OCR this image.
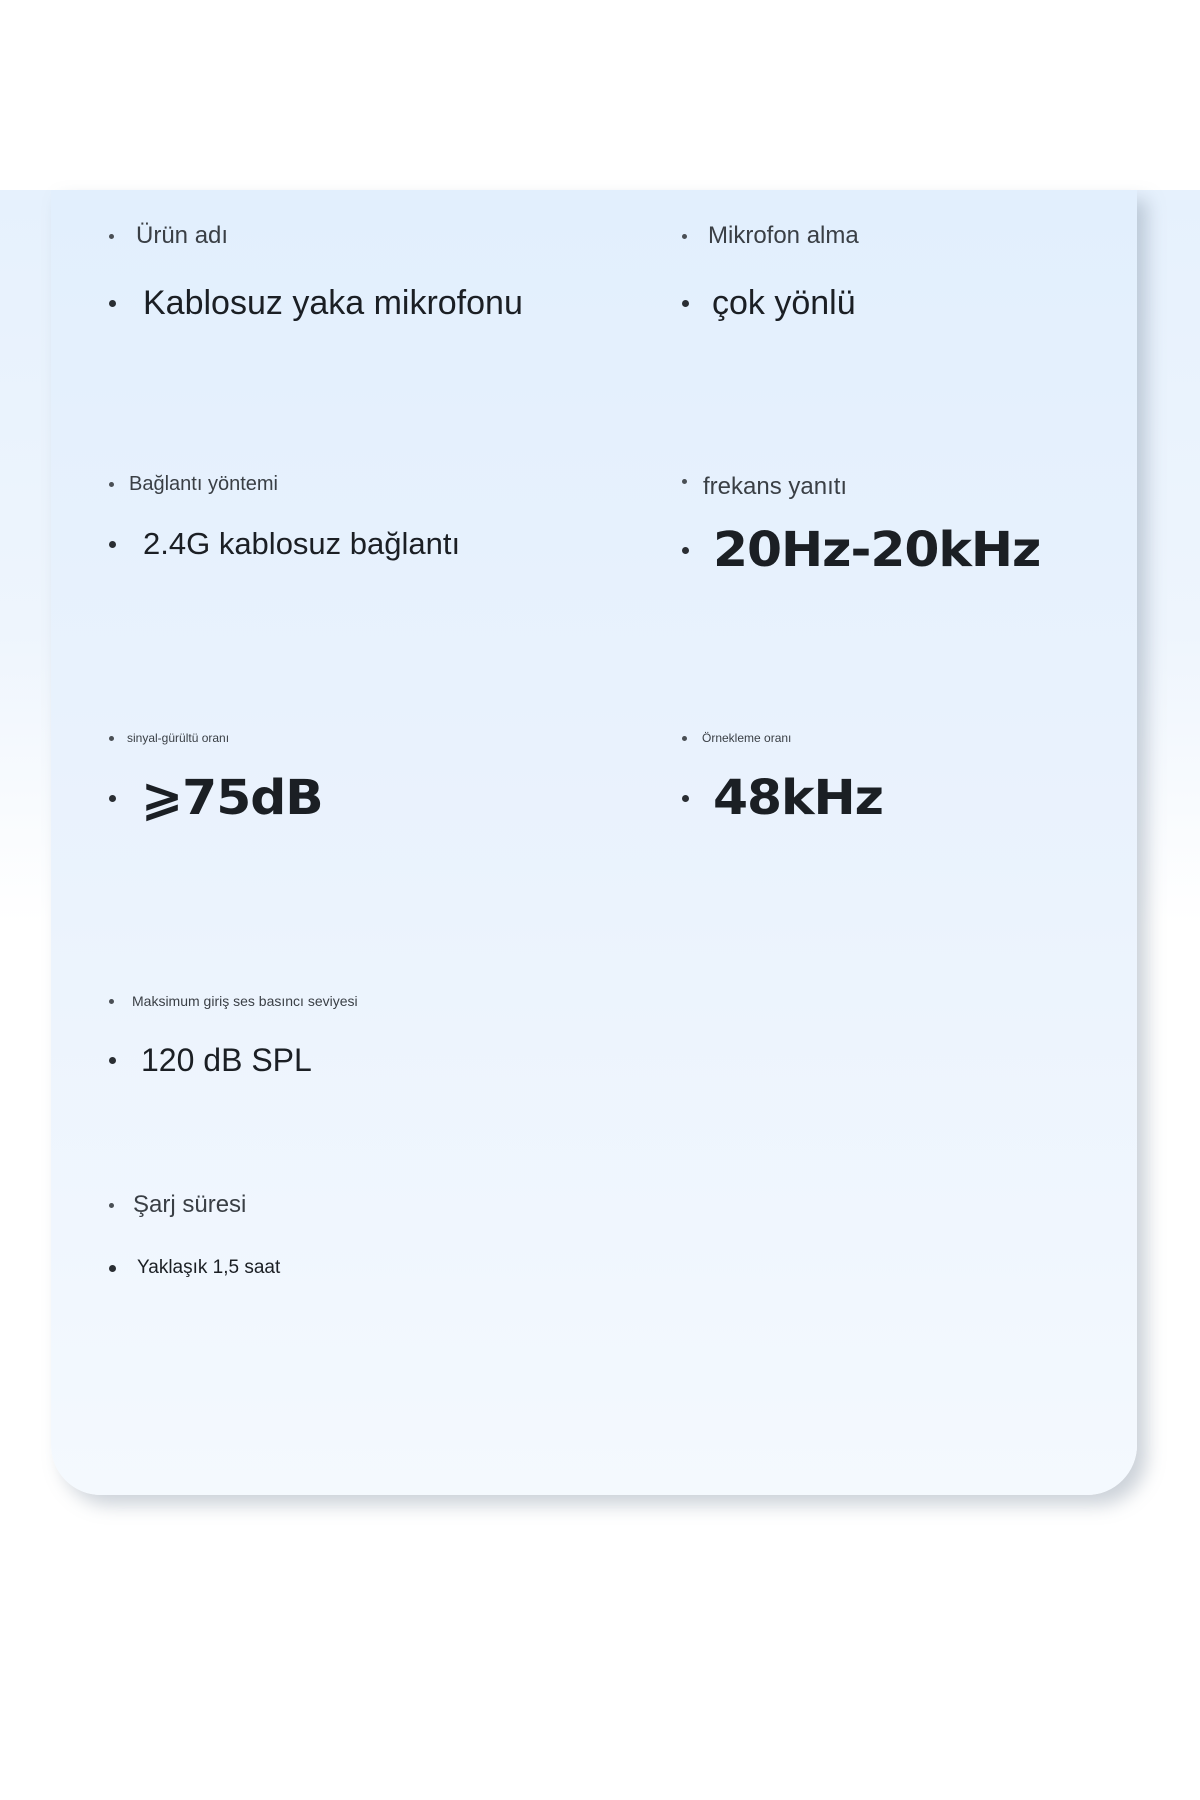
Ürün adı
Kablosuz yaka mikrofonu
Mikrofon alma
çok yönlü
Bağlantı yöntemi
2.4G kablosuz bağlantı
frekans yanıtı
20Hz-20kHz
sinyal-gürültü oranı
⩾75dB
Örnekleme oranı
48kHz
Maksimum giriş ses basıncı seviyesi
120 dB SPL
Şarj süresi
Yaklaşık 1,5 saat
